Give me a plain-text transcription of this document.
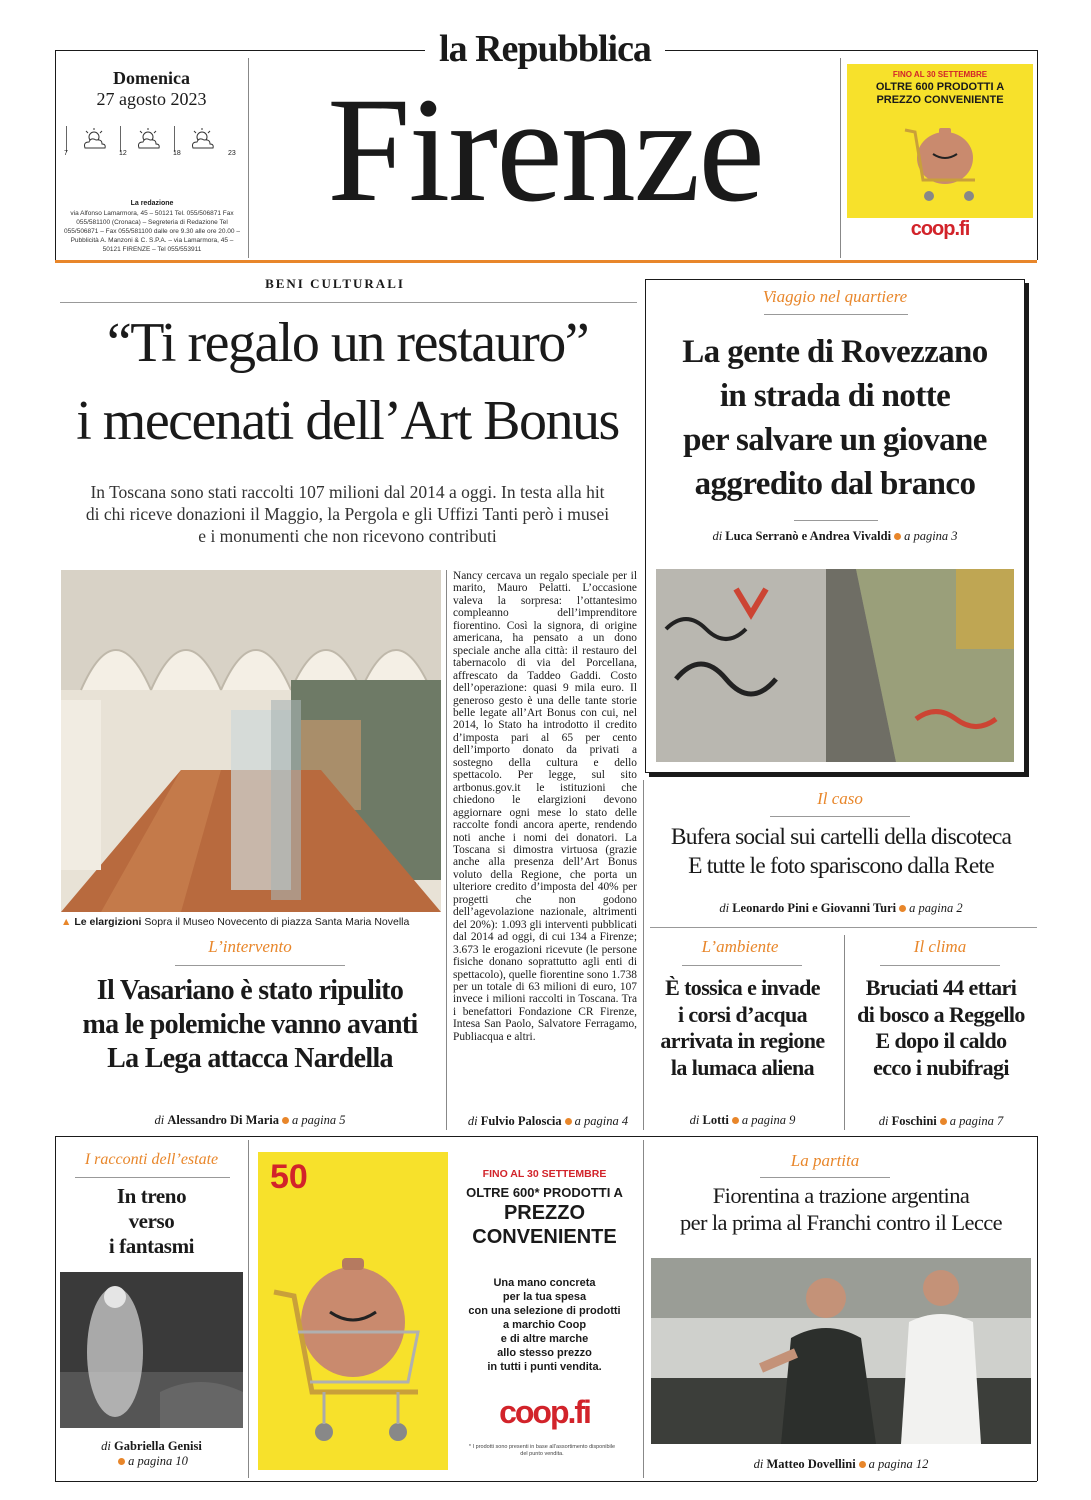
la Repubblica
Domenica
27 agosto 2023
7	12	18	23
La redazione
via Alfonso Lamarmora, 45 – 50121 Tel. 055/506871 Fax 055/581100 (Cronaca) – Segreteria di Redazione Tel 055/506871 – Fax 055/581100 dalle ore 9.30 alle ore 20.00 – Pubblicità A. Manzoni & C. S.P.A. – via Lamarmora, 45 – 50121 FIRENZE – Tel 055/553911
Firenze	FINO AL 30 SETTEMBRE
OLTRE 600 PRODOTTI A
PREZZO CONVENIENTE
coop.fi
BENI CULTURALI
“Ti regalo un restauro”
i mecenati dell’Art Bonus
In Toscana sono stati raccolti 107 milioni dal 2014 a oggi. In testa alla hit di chi riceve donazioni il Maggio, la Pergola e gli Uffizi Tanti però i musei e i monumenti che non ricevono contributi
▲ Le elargizioni Sopra il Museo Novecento di piazza Santa Maria Novella
Nancy cercava un regalo speciale per il marito, Mauro Pelatti. L’occasione valeva la sorpresa: l’ottantesimo compleanno dell’imprenditore fiorentino. Così la signora, di origine americana, ha pensato a un dono speciale anche alla città: il restauro del tabernacolo di via del Porcellana, affrescato da Taddeo Gaddi. Costo dell’operazione: quasi 9 mila euro. Il generoso gesto è una delle tante storie belle legate all’Art Bonus con cui, nel 2014, lo Stato ha introdotto il credito d’imposta pari al 65 per cento dell’importo donato da privati a sostegno della cultura e dello spettacolo. Per legge, sul sito artbonus.gov.it le istituzioni che chiedono le elargizioni devono aggiornare ogni mese lo stato delle raccolte fondi ancora aperte, rendendo noti anche i nomi dei donatori. La Toscana si dimostra virtuosa (grazie anche alla presenza dell’Art Bonus voluto della Regione, che porta un ulteriore credito d’imposta del 40% per progetti che non godono dell’agevolazione nazionale, altrimenti del 20%): 1.093 gli interventi pubblicati dal 2014 ad oggi, di cui 134 a Firenze; 3.673 le erogazioni ricevute (le persone fisiche donano soprattutto agli enti di spettacolo), quelle fiorentine sono 1.738 per un totale di 63 milioni di euro, 107 invece i milioni raccolti in Toscana. Tra i benefattori Fondazione CR Firenze, Intesa San Paolo, Salvatore Ferragamo, Publiacqua e altri.
di Fulvio Paloscia a pagina 4
L’intervento
Il Vasariano è stato ripulito
ma le polemiche vanno avanti
La Lega attacca Nardella
di Alessandro Di Maria a pagina 5
Viaggio nel quartiere
La gente di Rovezzano
in strada di notte
per salvare un giovane
aggredito dal branco
di Luca Serranò e Andrea Vivaldi a pagina 3
Il caso
Bufera social sui cartelli della discoteca
E tutte le foto spariscono dalla Rete
di Leonardo Pini e Giovanni Turi a pagina 2
L’ambiente
È tossica e invade
i corsi d’acqua
arrivata in regione
la lumaca aliena
di Lotti a pagina 9
Il clima
Bruciati 44 ettari
di bosco a Reggello
E dopo il caldo
ecco i nubifragi
di Foschini a pagina 7
I racconti dell’estate
In treno
verso
i fantasmi
di Gabriella Genisi
a pagina 10
50	FINO AL 30 SETTEMBRE
OLTRE 600* PRODOTTI A
PREZZO
CONVENIENTE
Una mano concreta
per la tua spesa
con una selezione di prodotti
a marchio Coop
e di altre marche
allo stesso prezzo
in tutti i punti vendita.
coop.fi
* I prodotti sono presenti in base all’assortimento disponibile del punto vendita.
La partita
Fiorentina a trazione argentina
per la prima al Franchi contro il Lecce
di Matteo Dovellini a pagina 12
